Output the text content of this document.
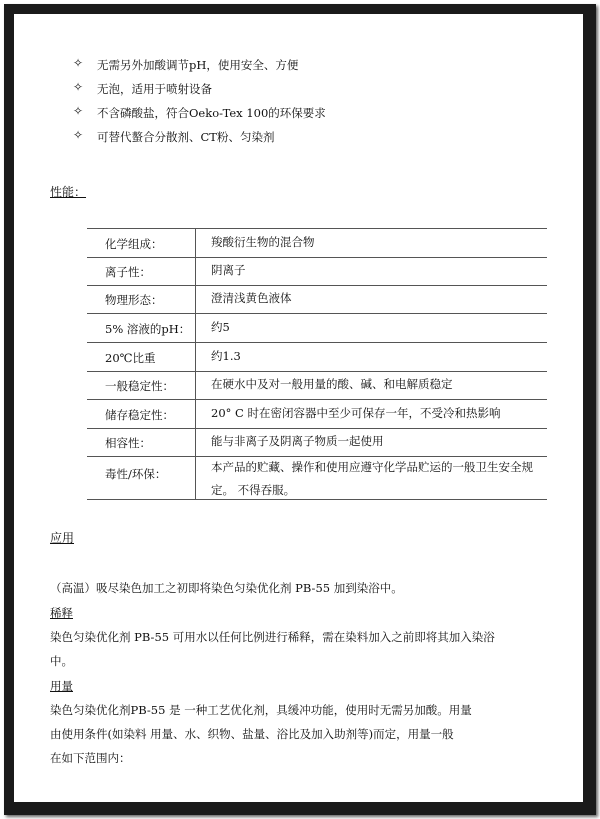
✧ 无需另外加酸调节pH，使用安全、方便
✧ 无泡，适用于喷射设备
✧ 不含磷酸盐，符合Oeko-Tex 100的环保要求
✧ 可替代螯合分散剂、CT粉、匀染剂
性能：
化学组成：	羧酸衍生物的混合物
离子性：	阴离子
物理形态：	澄清浅黄色液体
5% 溶液的pH： 约5
20℃比重	约1.3
一般稳定性：	在硬水中及对一般用量的酸、碱、和电解质稳定
储存稳定性：	20° C 时在密闭容器中至少可保存一年，不受冷和热影响
相容性：	能与非离子及阴离子物质一起使用
毒性/环保：	本产品的贮藏、操作和使用应遵守化学品贮运的一般卫生安全规定。 不得吞服。
应用
（高温）吸尽染色加工之初即将染色匀染优化剂 PB-55 加到染浴中。
稀释
染色匀染优化剂 PB-55 可用水以任何比例进行稀释，需在染料加入之前即将其加入染浴
中。
用量
染色匀染优化剂PB-55 是 一种工艺优化剂，具缓冲功能，使用时无需另加酸。用量
由使用条件(如染料 用量、水、织物、盐量、浴比及加入助剂等)而定，用量一般
在如下范围内：
